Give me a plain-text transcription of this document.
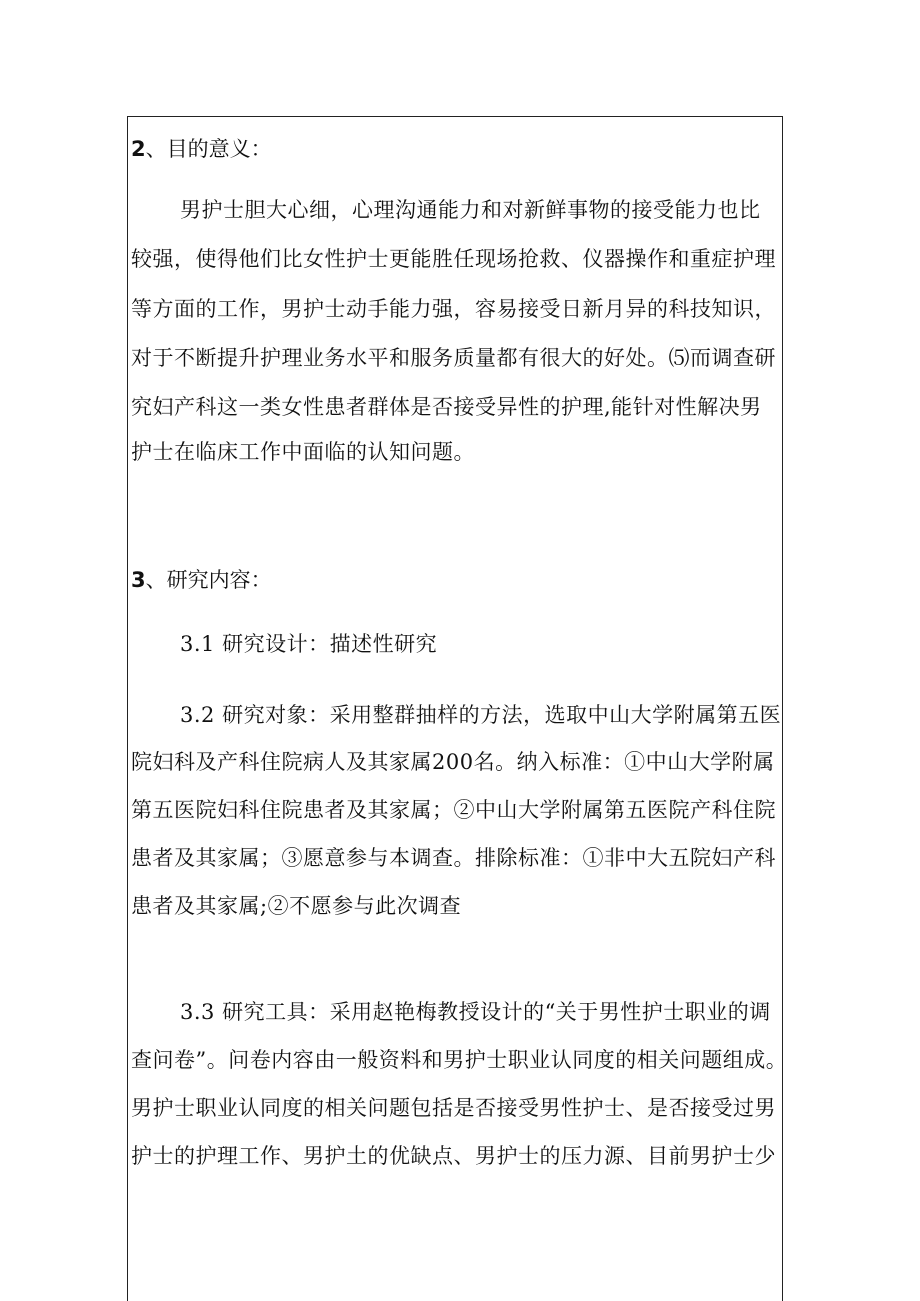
2、目的意义：
男护士胆大心细，心理沟通能力和对新鲜事物的接受能力也比
较强，使得他们比女性护士更能胜任现场抢救、仪器操作和重症护理
等方面的工作，男护士动手能力强，容易接受日新月异的科技知识，
对于不断提升护理业务水平和服务质量都有很大的好处。⑸而调查研
究妇产科这一类女性患者群体是否接受异性的护理,能针对性解决男
护士在临床工作中面临的认知问题。
3、研究内容：
3.1 研究设计：描述性研究
3.2 研究对象：采用整群抽样的方法，选取中山大学附属第五医
院妇科及产科住院病人及其家属200名。纳入标准：①中山大学附属
第五医院妇科住院患者及其家属；②中山大学附属第五医院产科住院
患者及其家属；③愿意参与本调查。排除标准：①非中大五院妇产科
患者及其家属;②不愿参与此次调查
3.3 研究工具：采用赵艳梅教授设计的“关于男性护士职业的调
查问卷”。问卷内容由一般资料和男护士职业认同度的相关问题组成。
男护士职业认同度的相关问题包括是否接受男性护士、是否接受过男
护士的护理工作、男护土的优缺点、男护士的压力源、目前男护士少
